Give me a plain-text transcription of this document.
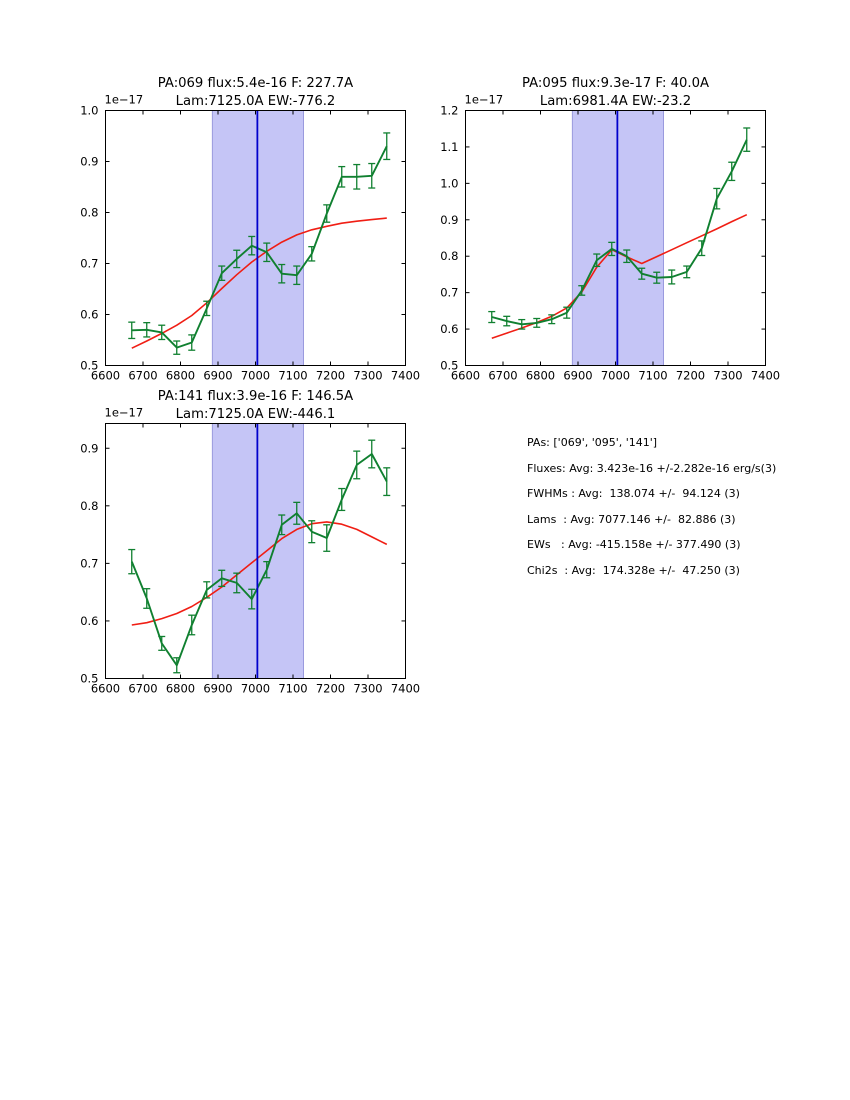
6600 6700 6800 6900 7000 7100 7200 7300 7400
0.5
0.6
0.7
0.8
0.9
1.0
1e−17
PA:069 flux:5.4e-16 F: 227.7A
Lam:7125.0A EW:-776.2
6600 6700 6800 6900 7000 7100 7200 7300 7400
0.5
0.6
0.7
0.8
0.9
1.0
1.1
1.2
1e−17
PA:095 flux:9.3e-17 F: 40.0A
Lam:6981.4A EW:-23.2
6600 6700 6800 6900 7000 7100 7200 7300 7400
0.5
0.6
0.7
0.8
0.9
1e−17
PA:141 flux:3.9e-16 F: 146.5A
Lam:7125.0A EW:-446.1
PAs: ['069', '095', '141']
Fluxes: Avg: 3.423e-16 +/-2.282e-16 erg/s(3)
FWHMs : Avg:  138.074 +/-  94.124 (3)
Lams  : Avg: 7077.146 +/-  82.886 (3)
EWs   : Avg: -415.158e +/- 377.490 (3)
Chi2s  : Avg:  174.328e +/-  47.250 (3)
